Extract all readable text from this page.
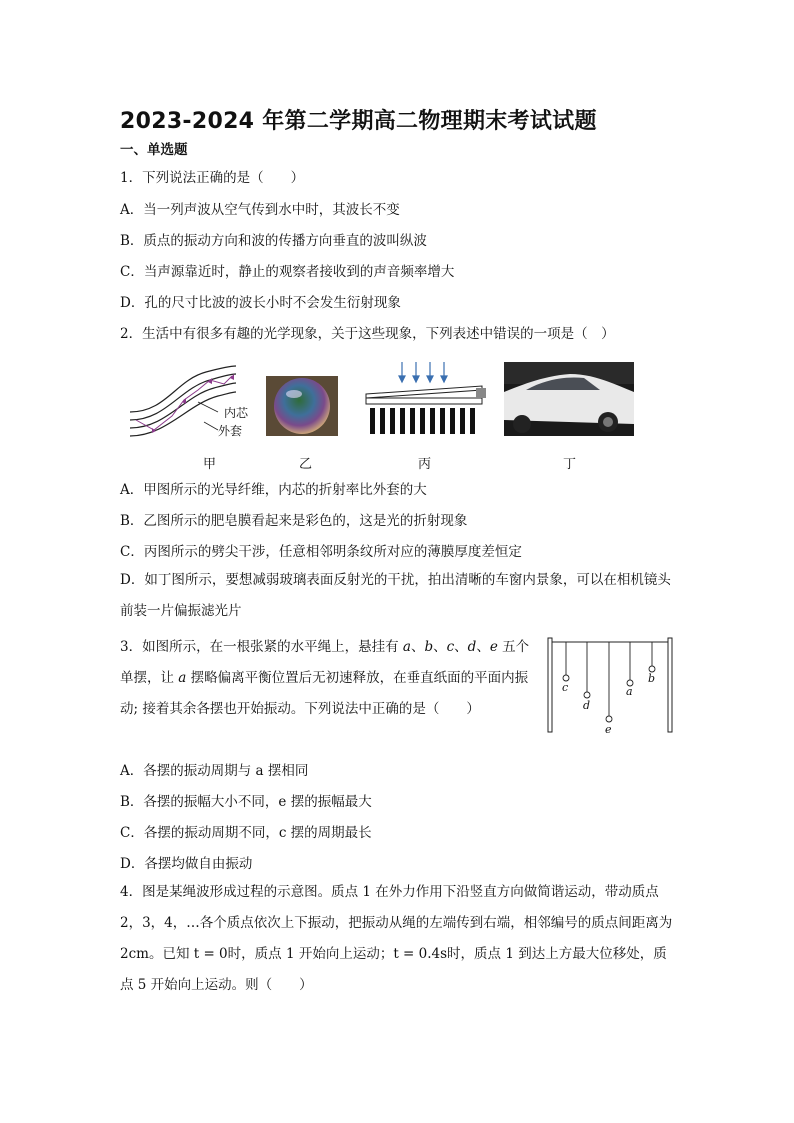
2023-2024 年第二学期高二物理期末考试试题
一、单选题
1．下列说法正确的是（　　）
A．当一列声波从空气传到水中时，其波长不变
B．质点的振动方向和波的传播方向垂直的波叫纵波
C．当声源靠近时，静止的观察者接收到的声音频率增大
D．孔的尺寸比波的波长小时不会发生衍射现象
2．生活中有很多有趣的光学现象，关于这些现象，下列表述中错误的一项是（　）
内芯
外套
甲	乙	丙	丁
A．甲图所示的光导纤维，内芯的折射率比外套的大
B．乙图所示的肥皂膜看起来是彩色的，这是光的折射现象
C．丙图所示的劈尖干涉，任意相邻明条纹所对应的薄膜厚度差恒定
D．如丁图所示，要想减弱玻璃表面反射光的干扰，拍出清晰的车窗内景象，可以在相机镜头前装一片偏振滤光片
3．如图所示，在一根张紧的水平绳上，悬挂有 a、b、c、d、e 五个单摆，让 a 摆略偏离平衡位置后无初速释放，在垂直纸面的平面内振动; 接着其余各摆也开始振动。下列说法中正确的是（　　）
c
d
e
a
b
A．各摆的振动周期与 a 摆相同
B．各摆的振幅大小不同，e 摆的振幅最大
C．各摆的振动周期不同，c 摆的周期最长
D．各摆均做自由振动
4．图是某绳波形成过程的示意图。质点 1 在外力作用下沿竖直方向做简谐运动，带动质点 2，3，4，…各个质点依次上下振动，把振动从绳的左端传到右端，相邻编号的质点间距离为 2cm。已知 t = 0时，质点 1 开始向上运动；t = 0.4s时，质点 1 到达上方最大位移处，质点 5 开始向上运动。则（　　）
